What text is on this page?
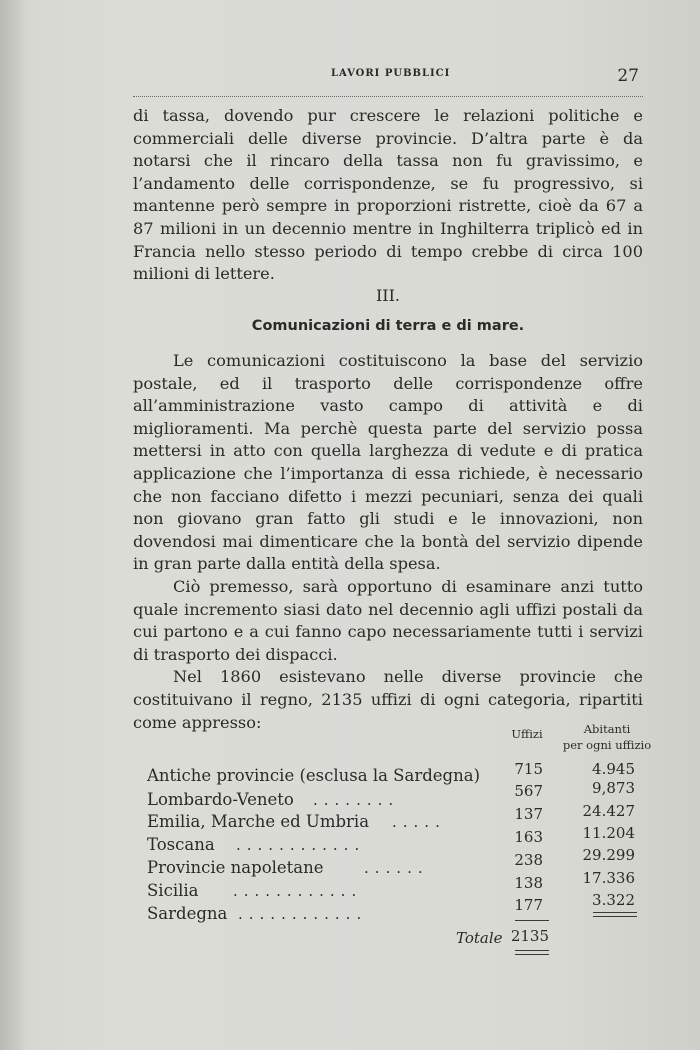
LAVORI PUBBLICI	27

di tassa, dovendo pur crescere le relazioni politiche e commerciali delle diverse provincie. D’altra parte è da notarsi che il rincaro della tassa non fu gravissimo, e l’andamento delle corrispondenze, se fu progressivo, si mantenne però sempre in proporzioni ristrette, cioè da 67 a 87 milioni in un decennio mentre in Inghilterra triplicò ed in Francia nello stesso periodo di tempo crebbe di circa 100 milioni di lettere.

III.
Comunicazioni di terra e di mare.

Le comunicazioni costituiscono la base del servizio postale, ed il trasporto delle corrispondenze offre all’amministrazione vasto campo di attività e di miglioramenti. Ma perchè questa parte del servizio possa mettersi in atto con quella larghezza di vedute e di pratica applicazione che l’importanza di essa richiede, è necessario che non facciano difetto i mezzi pecuniari, senza dei quali non giovano gran fatto gli studi e le innovazioni, non dovendosi mai dimenticare che la bontà del servizio dipende in gran parte dalla entità della spesa.

Ciò premesso, sarà opportuno di esaminare anzi tutto quale incremento siasi dato nel decennio agli uffizi postali da cui partono e a cui fanno capo necessariamente tutti i servizi di trasporto dei dispacci.

Nel 1860 esistevano nelle diverse provincie che costituivano il regno, 2135 uffizi di ogni categoria, ripartiti come appresso:

Uffizi	Abitanti
per ogni uffizio
Antiche provincie (esclusa la Sardegna)	715	4.945
Lombardo-Veneto ........	567	9,873
Emilia, Marche ed Umbria .....	137	24.427
Toscana ............	163	11.204
Provincie napoletane	......	238	29.299
Sicilia ............	138	17.336
Sardegna ............	177	3.322
Totale 2135
